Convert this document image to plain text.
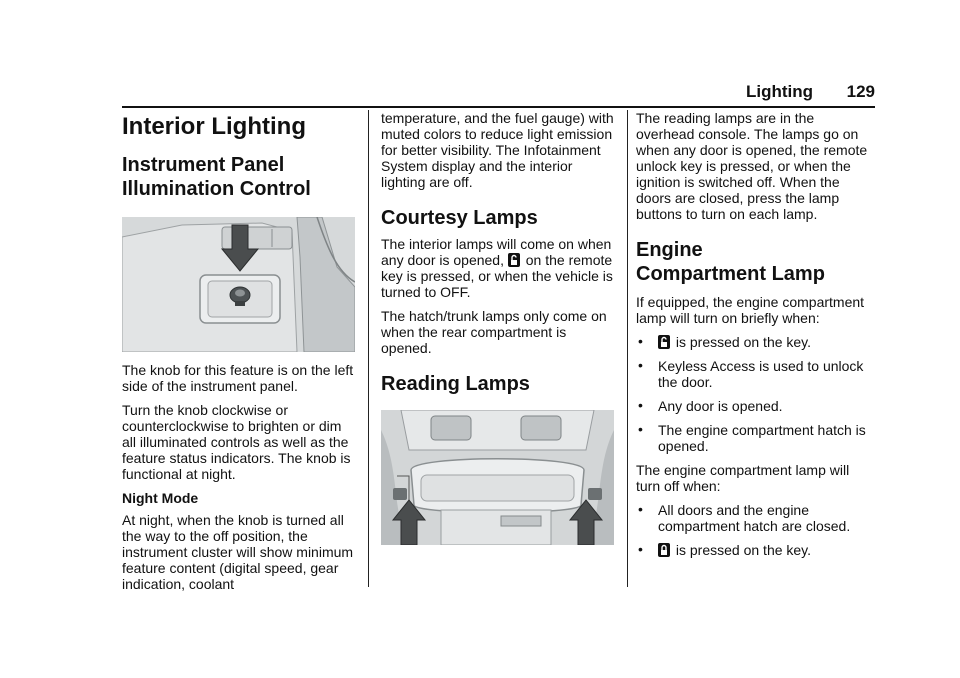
Lighting 129
Interior Lighting
Instrument Panel
Illumination Control

The knob for this feature is on the left side of the instrument panel.

Turn the knob clockwise or counterclockwise to brighten or dim all illuminated controls as well as the feature status indicators. The knob is functional at night.

Night Mode

At night, when the knob is turned all the way to the off position, the instrument cluster will show minimum feature content (digital speed, gear indication, coolant

temperature, and the fuel gauge) with muted colors to reduce light emission for better visibility. The Infotainment System display and the interior lighting are off.

Courtesy Lamps

The interior lamps will come on when any door is opened, on the remote key is pressed, or when the vehicle is turned to OFF.

The hatch/trunk lamps only come on when the rear compartment is opened.

Reading Lamps

The reading lamps are in the overhead console. The lamps go on when any door is opened, the remote unlock key is pressed, or when the ignition is switched off. When the doors are closed, press the lamp buttons to turn on each lamp.

Engine
Compartment Lamp

If equipped, the engine compartment lamp will turn on briefly when:

• is pressed on the key.
• Keyless Access is used to unlock the door.
• Any door is opened.
• The engine compartment hatch is opened.

The engine compartment lamp will turn off when:

• All doors and the engine compartment hatch are closed.
• is pressed on the key.
